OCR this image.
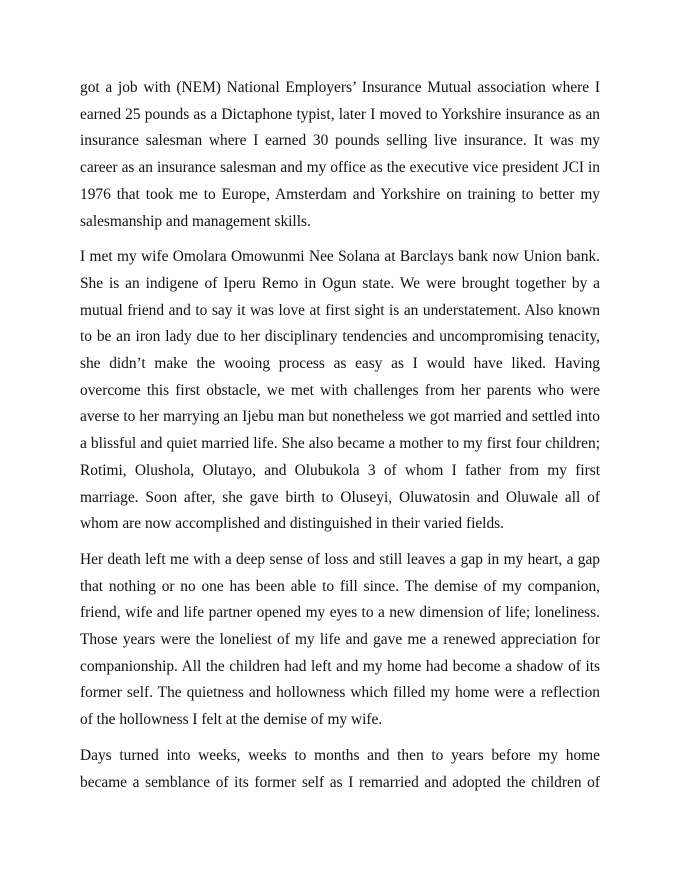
got a job with (NEM) National Employers’ Insurance Mutual association where I earned 25 pounds as a Dictaphone typist, later I moved to Yorkshire insurance as an insurance salesman where I earned 30 pounds selling live insurance. It was my career as an insurance salesman and my office as the executive vice president JCI in 1976 that took me to Europe, Amsterdam and Yorkshire on training to better my salesmanship and management skills.

I met my wife Omolara Omowunmi Nee Solana at Barclays bank now Union bank. She is an indigene of Iperu Remo in Ogun state. We were brought together by a mutual friend and to say it was love at first sight is an understatement. Also known to be an iron lady due to her disciplinary tendencies and uncompromising tenacity, she didn’t make the wooing process as easy as I would have liked. Having overcome this first obstacle, we met with challenges from her parents who were averse to her marrying an Ijebu man but nonetheless we got married and settled into a blissful and quiet married life. She also became a mother to my first four children; Rotimi, Olushola, Olutayo, and Olubukola 3 of whom I father from my first marriage. Soon after, she gave birth to Oluseyi, Oluwatosin and Oluwale all of whom are now accomplished and distinguished in their varied fields.

Her death left me with a deep sense of loss and still leaves a gap in my heart, a gap that nothing or no one has been able to fill since. The demise of my companion, friend, wife and life partner opened my eyes to a new dimension of life; loneliness. Those years were the loneliest of my life and gave me a renewed appreciation for companionship. All the children had left and my home had become a shadow of its former self. The quietness and hollowness which filled my home were a reflection of the hollowness I felt at the demise of my wife.

Days turned into weeks, weeks to months and then to years before my home became a semblance of its former self as I remarried and adopted the children of
